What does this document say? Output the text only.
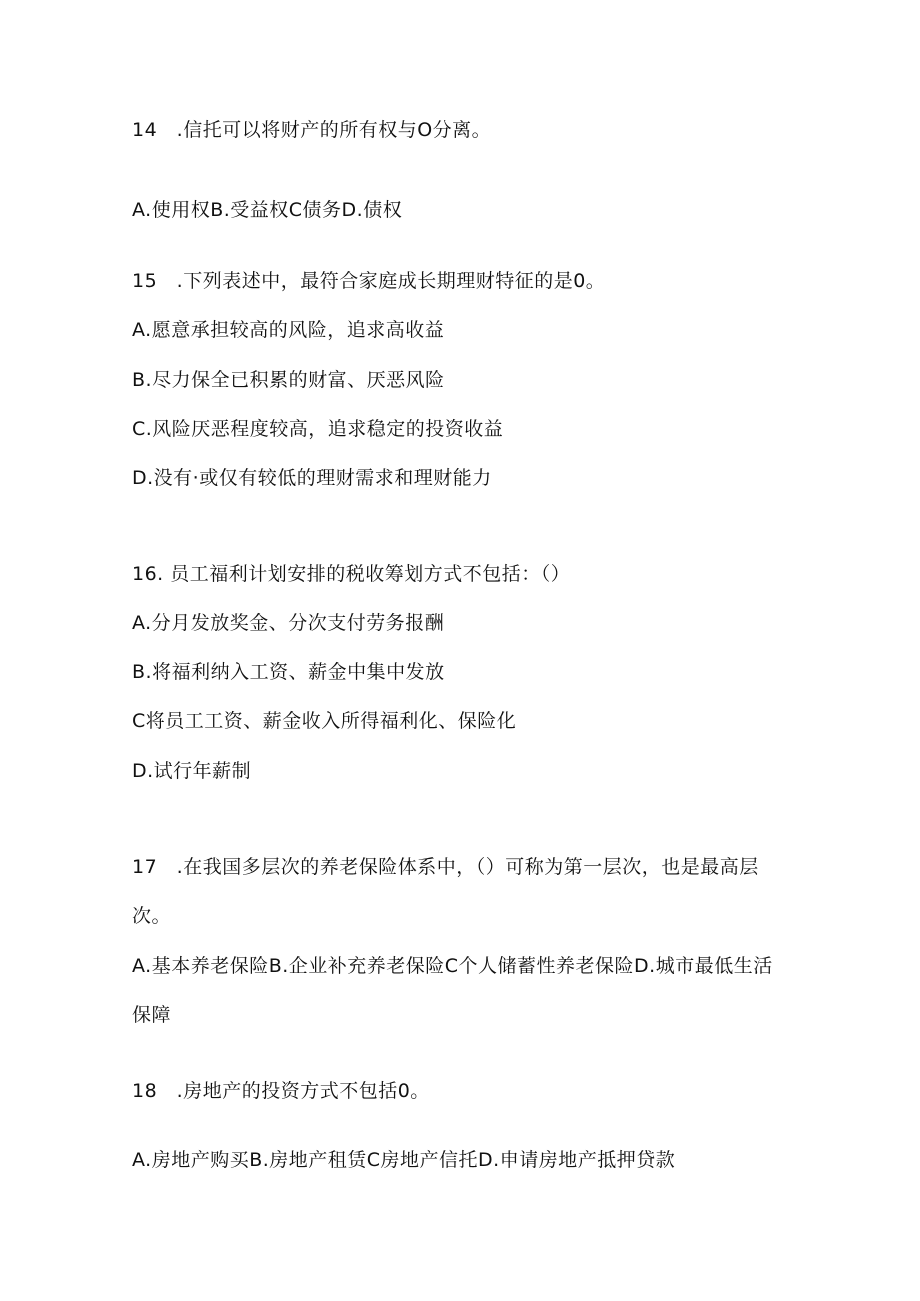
14　.信托可以将财产的所有权与O分离。
A.使用权B.受益权C债务D.债权
15　.下列表述中，最符合家庭成长期理财特征的是0。
A.愿意承担较高的风险，追求高收益
B.尽力保全已积累的财富、厌恶风险
C.风险厌恶程度较高，追求稳定的投资收益
D.没有·或仅有较低的理财需求和理财能力
16. 员工福利计划安排的税收筹划方式不包括：（）
A.分月发放奖金、分次支付劳务报酬
B.将福利纳入工资、薪金中集中发放
C将员工工资、薪金收入所得福利化、保险化
D.试行年薪制
17　.在我国多层次的养老保险体系中，（）可称为第一层次，也是最高层
次。
A.基本养老保险B.企业补充养老保险C个人储蓄性养老保险D.城市最低生活
保障
18　.房地产的投资方式不包括0。
A.房地产购买B.房地产租赁C房地产信托D.申请房地产抵押贷款
